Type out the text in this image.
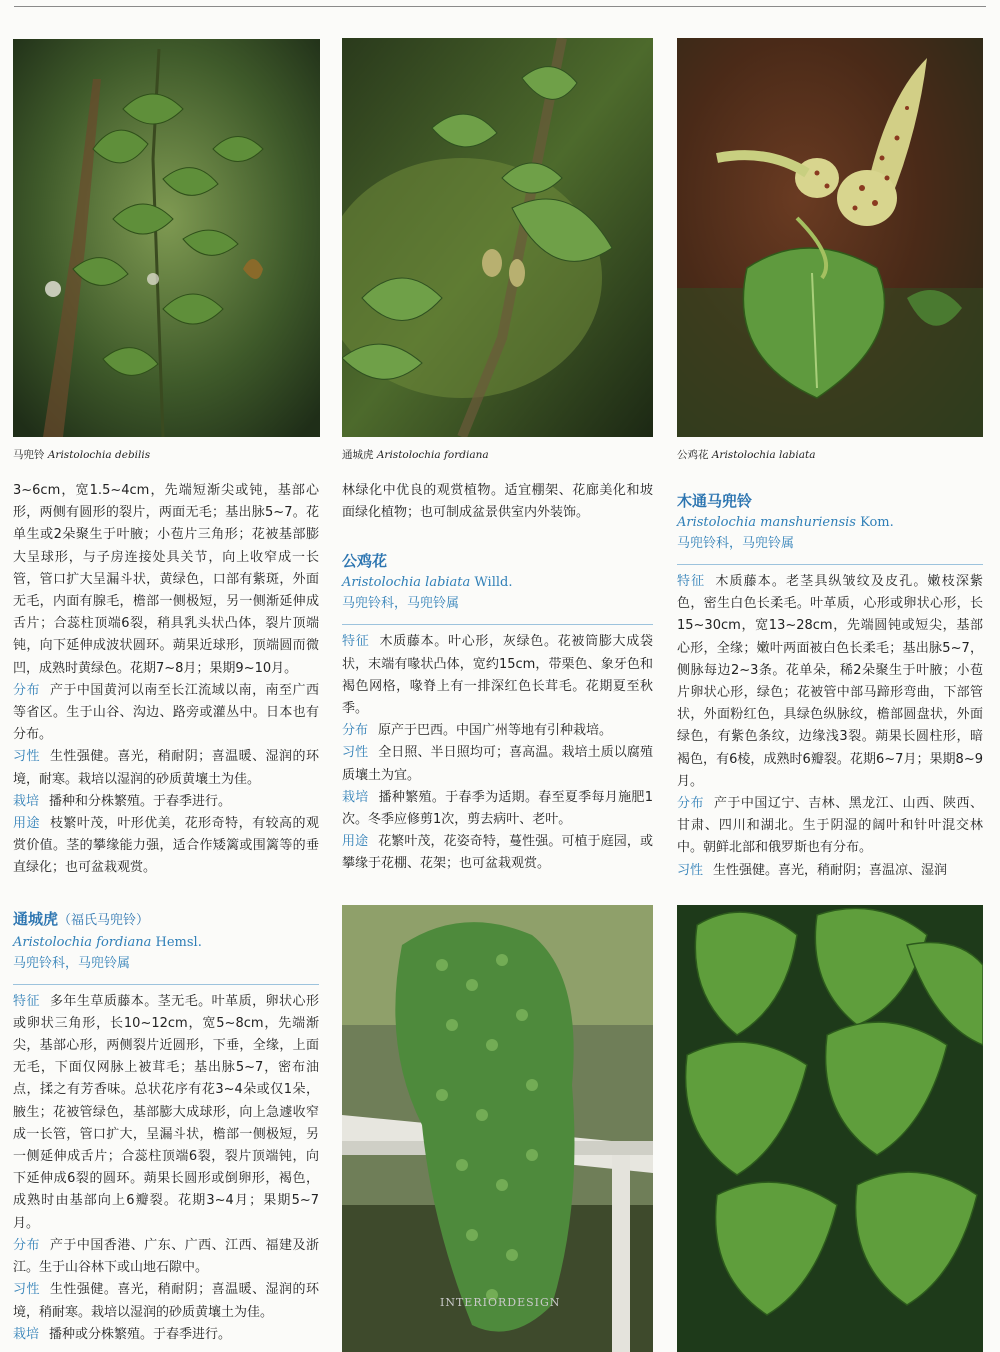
马兜铃 Aristolochia debilis	通城虎 Aristolochia fordiana	公鸡花 Aristolochia labiata

3~6cm，宽1.5~4cm，先端短渐尖或钝，基部心形，两侧有圆形的裂片，两面无毛；基出脉5~7。花单生或2朵聚生于叶腋；小苞片三角形；花被基部膨大呈球形，与子房连接处具关节，向上收窄成一长管，管口扩大呈漏斗状，黄绿色，口部有紫斑，外面无毛，内面有腺毛，檐部一侧极短，另一侧渐延伸成舌片；合蕊柱顶端6裂，稍具乳头状凸体，裂片顶端钝，向下延伸成波状圆环。蒴果近球形，顶端圆而微凹，成熟时黄绿色。花期7~8月；果期9~10月。

分布 产于中国黄河以南至长江流域以南，南至广西等省区。生于山谷、沟边、路旁或灌丛中。日本也有分布。

习性 生性强健。喜光，稍耐阴；喜温暖、湿润的环境，耐寒。栽培以湿润的砂质黄壤土为佳。

栽培 播种和分株繁殖。于春季进行。

用途 枝繁叶茂，叶形优美，花形奇特，有较高的观赏价值。茎的攀缘能力强，适合作矮篱或围篱等的垂直绿化；也可盆栽观赏。

通城虎（福氏马兜铃）

Aristolochia fordiana Hemsl.

马兜铃科，马兜铃属

特征 多年生草质藤本。茎无毛。叶革质，卵状心形或卵状三角形，长10~12cm，宽5~8cm，先端渐尖，基部心形，两侧裂片近圆形，下垂，全缘，上面无毛，下面仅网脉上被茸毛；基出脉5~7，密布油点，揉之有芳香味。总状花序有花3~4朵或仅1朵，腋生；花被管绿色，基部膨大成球形，向上急遽收窄成一长管，管口扩大，呈漏斗状，檐部一侧极短，另一侧延伸成舌片；合蕊柱顶端6裂，裂片顶端钝，向下延伸成6裂的圆环。蒴果长圆形或倒卵形，褐色，成熟时由基部向上6瓣裂。花期3~4月；果期5~7月。

分布 产于中国香港、广东、广西、江西、福建及浙江。生于山谷林下或山地石隙中。

习性 生性强健。喜光，稍耐阴；喜温暖、湿润的环境，稍耐寒。栽培以湿润的砂质黄壤土为佳。

栽培 播种或分株繁殖。于春季进行。

林绿化中优良的观赏植物。适宜棚架、花廊美化和坡面绿化植物；也可制成盆景供室内外装饰。

公鸡花

Aristolochia labiata Willd.

马兜铃科，马兜铃属

特征 木质藤本。叶心形，灰绿色。花被筒膨大成袋状，末端有喙状凸体，宽约15cm，带栗色、象牙色和褐色网格，喙脊上有一排深红色长茸毛。花期夏至秋季。

分布 原产于巴西。中国广州等地有引种栽培。

习性 全日照、半日照均可；喜高温。栽培土质以腐殖质壤土为宜。

栽培 播种繁殖。于春季为适期。春至夏季每月施肥1次。冬季应修剪1次，剪去病叶、老叶。

用途 花繁叶茂，花姿奇特，蔓性强。可植于庭园，或攀缘于花棚、花架；也可盆栽观赏。

木通马兜铃

Aristolochia manshuriensis Kom.

马兜铃科，马兜铃属

特征 木质藤本。老茎具纵皱纹及皮孔。嫩枝深紫色，密生白色长柔毛。叶革质，心形或卵状心形，长15~30cm，宽13~28cm，先端圆钝或短尖，基部心形，全缘；嫩叶两面被白色长柔毛；基出脉5~7，侧脉每边2~3条。花单朵，稀2朵聚生于叶腋；小苞片卵状心形，绿色；花被管中部马蹄形弯曲，下部管状，外面粉红色，具绿色纵脉纹，檐部圆盘状，外面绿色，有紫色条纹，边缘浅3裂。蒴果长圆柱形，暗褐色，有6棱，成熟时6瓣裂。花期6~7月；果期8~9月。

分布 产于中国辽宁、吉林、黑龙江、山西、陕西、甘肃、四川和湖北。生于阴湿的阔叶和针叶混交林中。朝鲜北部和俄罗斯也有分布。

习性 生性强健。喜光，稍耐阴；喜温凉、湿润

INTERIORDESIGN
